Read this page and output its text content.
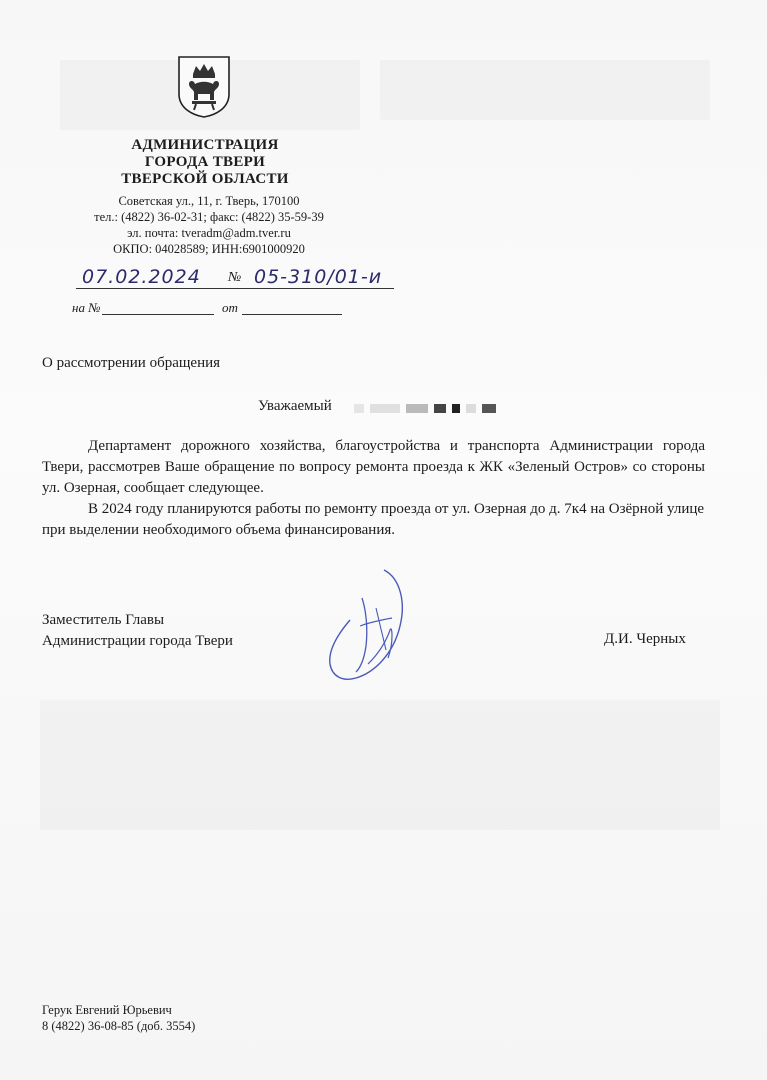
АДМИНИСТРАЦИЯ
ГОРОДА ТВЕРИ
ТВЕРСКОЙ ОБЛАСТИ
Советская ул., 11, г. Тверь, 170100
тел.: (4822) 36-02-31; факс: (4822) 35-59-39
эл. почта: tveradm@adm.tver.ru
ОКПО: 04028589; ИНН:6901000920
07.02.2024 № 05-310/01-и
на №	от
О рассмотрении обращения
Уважаемый

Департамент дорожного хозяйства, благоустройства и транспорта Администрации города Твери, рассмотрев Ваше обращение по вопросу ремонта проезда к ЖК «Зеленый Остров» со стороны ул. Озерная, сообщает следующее.

В 2024 году планируются работы по ремонту проезда от ул. Озерная до д. 7к4 на Озёрной улице при выделении необходимого объема финансирования.

Заместитель Главы
Администрации города Твери	Д.И. Черных
Герук Евгений Юрьевич
8 (4822) 36-08-85 (доб. 3554)
